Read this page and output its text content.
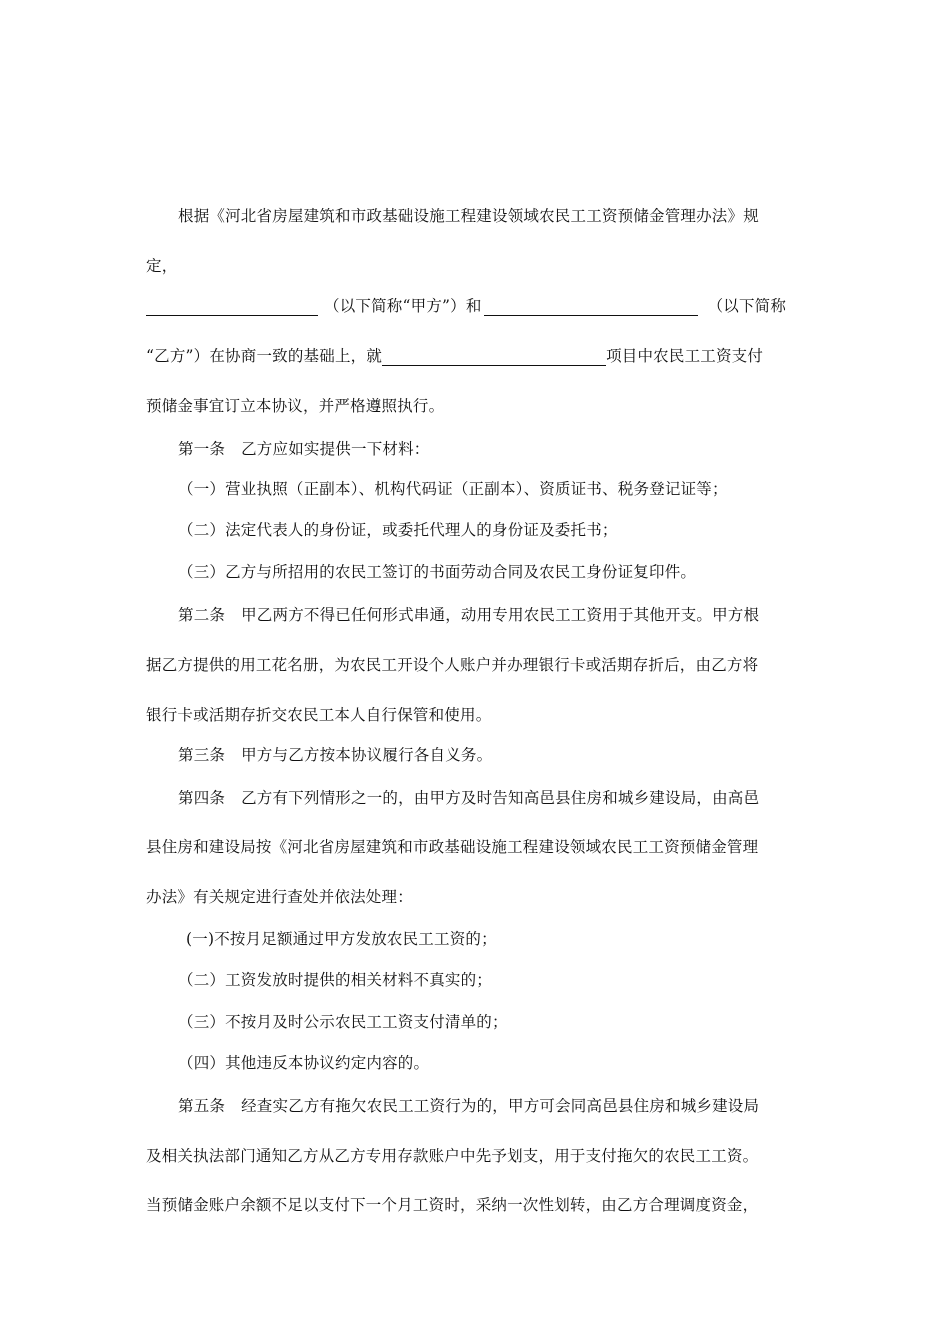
根据《河北省房屋建筑和市政基础设施工程建设领域农民工工资预储金管理办法》规
定，
（以下简称“甲方”）和	（以下简称
“乙方”）在协商一致的基础上，就	项目中农民工工资支付
预储金事宜订立本协议，并严格遵照执行。
第一条 乙方应如实提供一下材料：
（一）营业执照（正副本）、机构代码证（正副本）、资质证书、税务登记证等；
（二）法定代表人的身份证，或委托代理人的身份证及委托书；
（三）乙方与所招用的农民工签订的书面劳动合同及农民工身份证复印件。
第二条 甲乙两方不得已任何形式串通，动用专用农民工工资用于其他开支。甲方根
据乙方提供的用工花名册，为农民工开设个人账户并办理银行卡或活期存折后，由乙方将
银行卡或活期存折交农民工本人自行保管和使用。
第三条 甲方与乙方按本协议履行各自义务。
第四条 乙方有下列情形之一的，由甲方及时告知高邑县住房和城乡建设局，由高邑
县住房和建设局按《河北省房屋建筑和市政基础设施工程建设领域农民工工资预储金管理
办法》有关规定进行查处并依法处理：
(一)不按月足额通过甲方发放农民工工资的；
（二）工资发放时提供的相关材料不真实的；
（三）不按月及时公示农民工工资支付清单的；
（四）其他违反本协议约定内容的。
第五条 经查实乙方有拖欠农民工工资行为的，甲方可会同高邑县住房和城乡建设局
及相关执法部门通知乙方从乙方专用存款账户中先予划支，用于支付拖欠的农民工工资。
当预储金账户余额不足以支付下一个月工资时，采纳一次性划转，由乙方合理调度资金，
